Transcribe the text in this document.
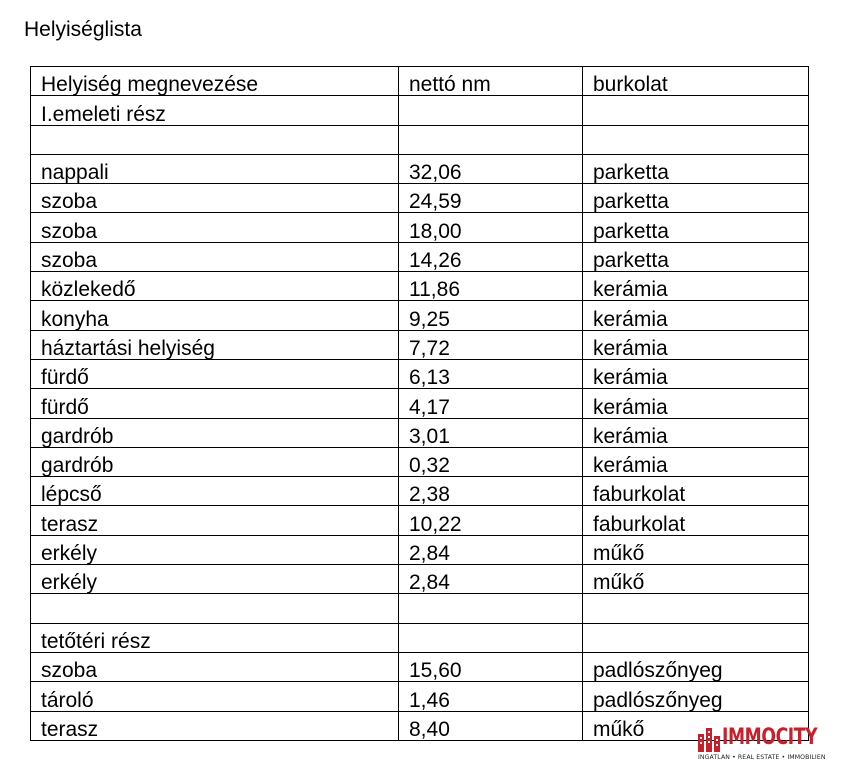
Helyiséglista
Helyiség megnevezése	nettó nm	burkolat
I.emeleti rész		

nappali	32,06	parketta
szoba	24,59	parketta
szoba	18,00	parketta
szoba	14,26	parketta
közlekedő	11,86	kerámia
konyha	9,25	kerámia
háztartási helyiség	7,72	kerámia
fürdő	6,13	kerámia
fürdő	4,17	kerámia
gardrób	3,01	kerámia
gardrób	0,32	kerámia
lépcső	2,38	faburkolat
terasz	10,22	faburkolat
erkély	2,84	műkő
erkély	2,84	műkő

tetőtéri rész		
szoba	15,60	padlószőnyeg
tároló	1,46	padlószőnyeg
terasz	8,40	műkő	IMMOCITY
INGATLAN • REAL ESTATE • IMMOBILIEN
